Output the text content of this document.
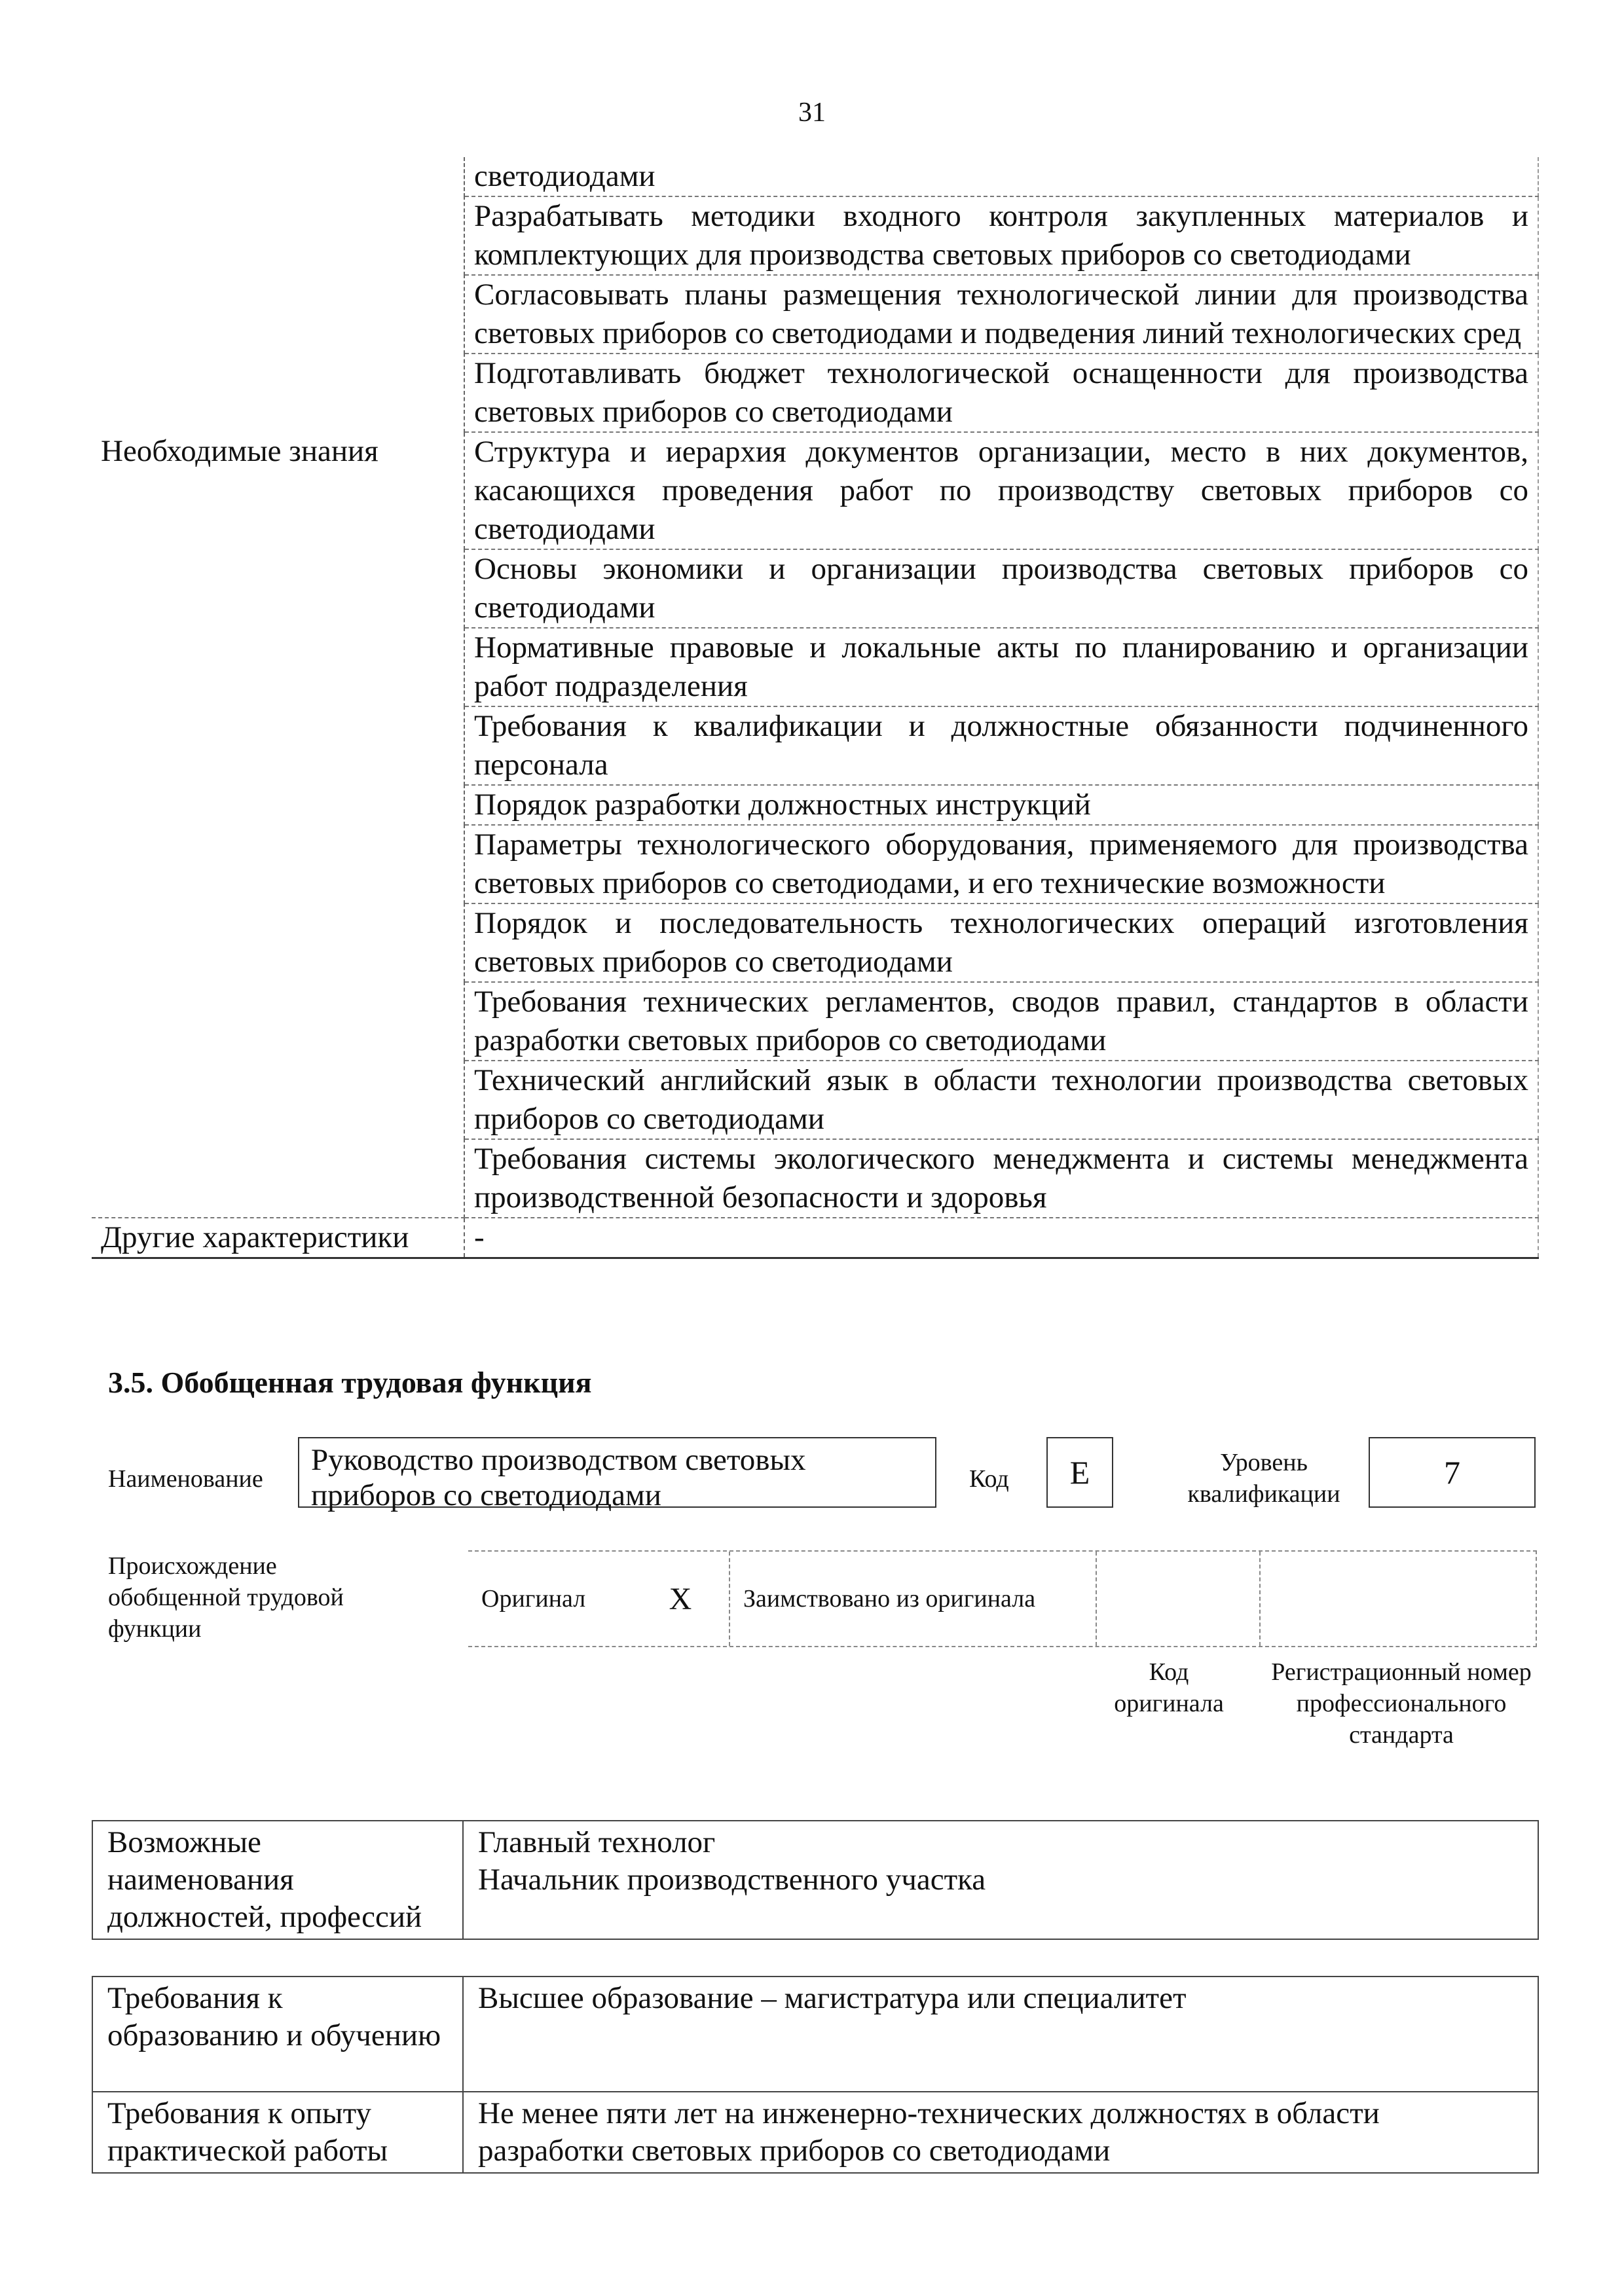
31
	светодиодами
	Разрабатывать методики входного контроля закупленных материалов и комплектующих для производства световых приборов со светодиодами
	Согласовывать планы размещения технологической линии для производства световых приборов со светодиодами и подведения линий технологических сред
	Подготавливать бюджет технологической оснащенности для производства световых приборов со светодиодами
Необходимые знания	Структура и иерархия документов организации, место в них документов, касающихся проведения работ по производству световых приборов со светодиодами
	Основы экономики и организации производства световых приборов со светодиодами
	Нормативные правовые и локальные акты по планированию и организации работ подразделения
	Требования к квалификации и должностные обязанности подчиненного персонала
	Порядок разработки должностных инструкций
	Параметры технологического оборудования, применяемого для производства световых приборов со светодиодами, и его технические возможности
	Порядок и последовательность технологических операций изготовления световых приборов со светодиодами
	Требования технических регламентов, сводов правил, стандартов в области разработки световых приборов со светодиодами
	Технический английский язык в области технологии производства световых приборов со светодиодами
	Требования системы экологического менеджмента и системы менеджмента производственной безопасности и здоровья
Другие характеристики	-
3.5. Обобщенная трудовая функция
Наименование
Руководство производством световых приборов со светодиодами	Код	E	Уровень квалификации
7
Происхождение обобщенной трудовой функции
Оригинал	X	Заимствовано из оригинала
Код оригинала
Регистрационный номер профессионального стандарта
Возможные наименования должностей, профессий	
Главный технолог
Начальник производственного участка
Требования к образованию и обучению	Высшее образование – магистратура или специалитет
Требования к опыту практической работы	Не менее пяти лет на инженерно-технических должностях в области разработки световых приборов со светодиодами
